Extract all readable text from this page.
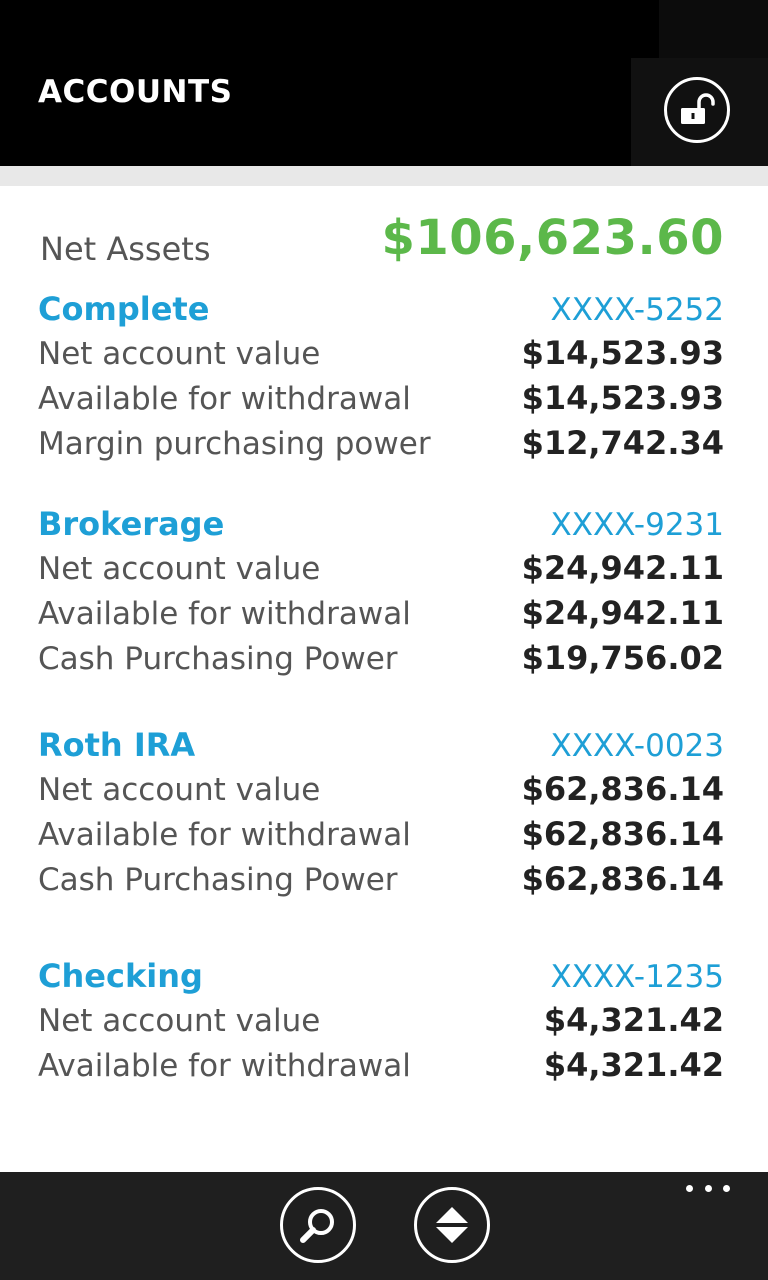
ACCOUNTS
Net Assets	$106,623.60
Complete	XXXX-5252
Net account value	$14,523.93
Available for withdrawal	$14,523.93
Margin purchasing power	$12,742.34
Brokerage	XXXX-9231
Net account value	$24,942.11
Available for withdrawal	$24,942.11
Cash Purchasing Power	$19,756.02
Roth IRA	XXXX-0023
Net account value	$62,836.14
Available for withdrawal	$62,836.14
Cash Purchasing Power	$62,836.14
Checking	XXXX-1235
Net account value	$4,321.42
Available for withdrawal	$4,321.42
